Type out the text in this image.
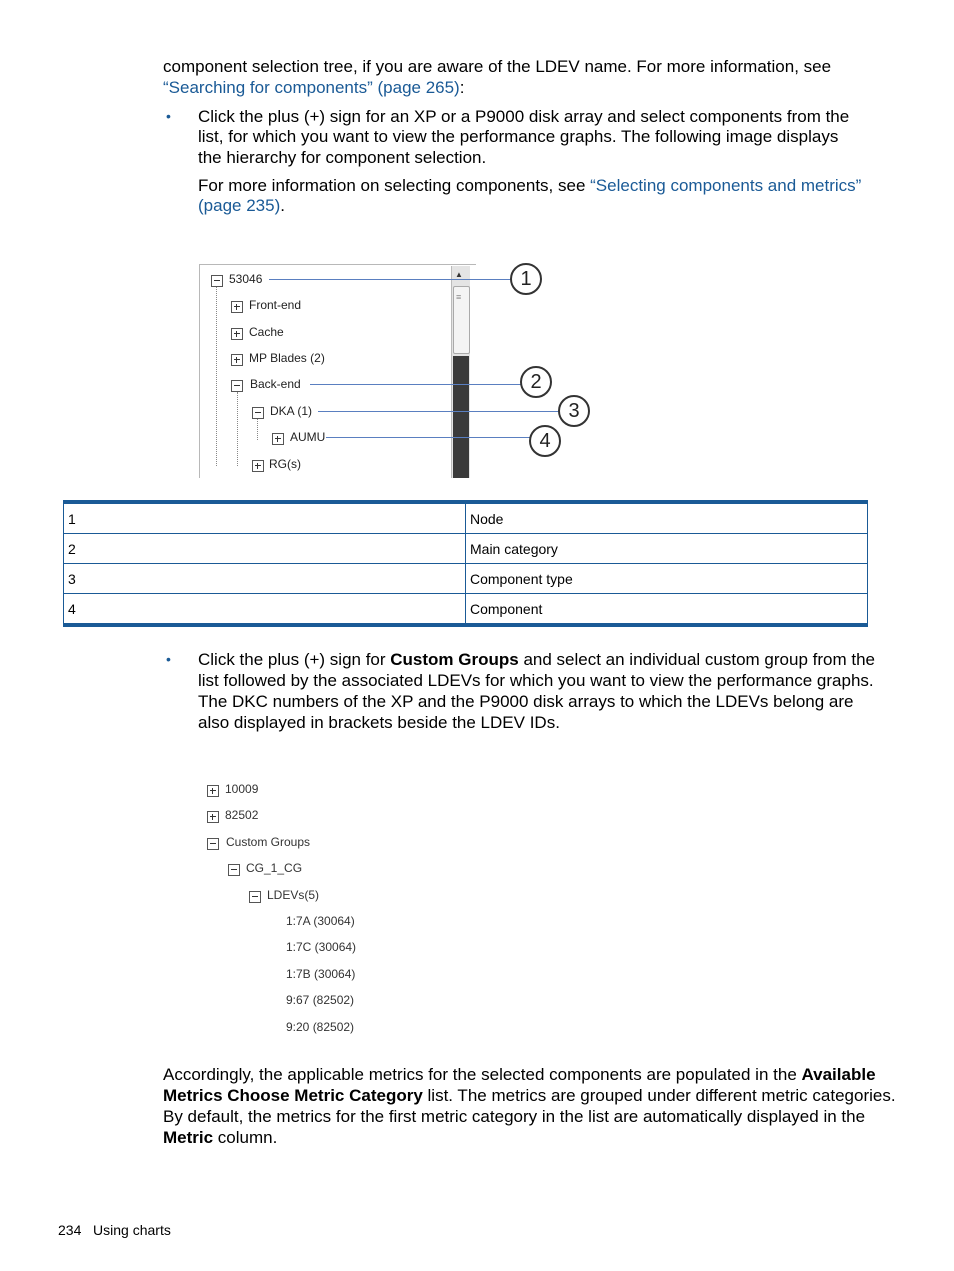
component selection tree, if you are aware of the LDEV name. For more information, see
“Searching for components” (page 265):
• Click the plus (+) sign for an XP or a P9000 disk array and select components from the
list, for which you want to view the performance graphs. The following image displays
the hierarchy for component selection.
For more information on selecting components, see “Selecting components and metrics”
(page 235).
53046
Front-end
Cache
MP Blades (2)
Back-end
DKA (1)
AUMU
RG(s)
▲
≡
1
2
3
4
1	Node
2	Main category
3	Component type
4	Component
• Click the plus (+) sign for Custom Groups and select an individual custom group from the
list followed by the associated LDEVs for which you want to view the performance graphs.
The DKC numbers of the XP and the P9000 disk arrays to which the LDEVs belong are
also displayed in brackets beside the LDEV IDs.
10009
82502
Custom Groups
CG_1_CG
LDEVs(5)
1:7A (30064)
1:7C (30064)
1:7B (30064)
9:67 (82502)
9:20 (82502)
Accordingly, the applicable metrics for the selected components are populated in the Available
Metrics Choose Metric Category list. The metrics are grouped under different metric categories.
By default, the metrics for the first metric category in the list are automatically displayed in the
Metric column.
234 Using charts
